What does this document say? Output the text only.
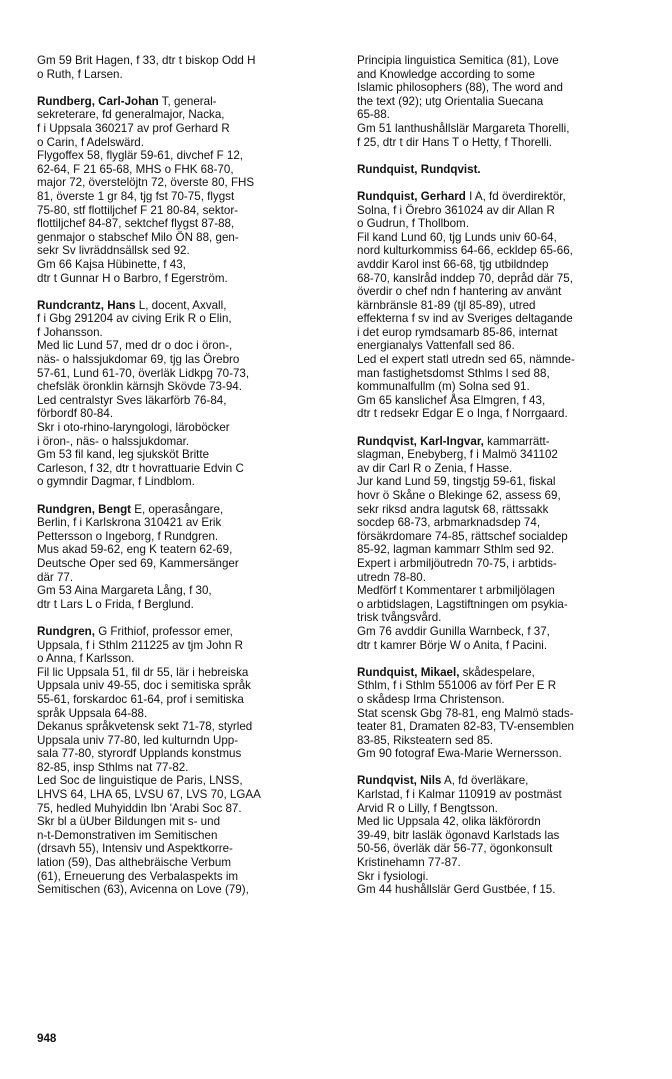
Gm 59 Brit Hagen, f 33, dtr t biskop Odd H
o Ruth, f Larsen.
Rundberg, Carl-Johan T, general-
sekreterare, fd generalmajor, Nacka,
f i Uppsala 360217 av prof Gerhard R
o Carin, f Adelswärd.
Flygoffex 58, flyglär 59-61, divchef F 12,
62-64, F 21 65-68, MHS o FHK 68-70,
major 72, överstelöjtn 72, överste 80, FHS
81, överste 1 gr 84, tjg fst 70-75, flygst
75-80, stf flottiljchef F 21 80-84, sektor-
flottiljchef 84-87, sektchef flygst 87-88,
genmajor o stabschef Milo ÖN 88, gen-
sekr Sv livräddnsällsk sed 92.
Gm 66 Kajsa Hübinette, f 43,
dtr t Gunnar H o Barbro, f Egerström.
Rundcrantz, Hans L, docent, Axvall,
f i Gbg 291204 av civing Erik R o Elin,
f Johansson.
Med lic Lund 57, med dr o doc i öron-,
näs- o halssjukdomar 69, tjg las Örebro
57-61, Lund 61-70, överläk Lidkpg 70-73,
chefsläk öronklin kärnsjh Skövde 73-94.
Led centralstyr Sves läkarförb 76-84,
förbordf 80-84.
Skr i oto-rhino-laryngologi, läroböcker
i öron-, näs- o halssjukdomar.
Gm 53 fil kand, leg sjuksköt Britte
Carleson, f 32, dtr t hovrattuarie Edvin C
o gymndir Dagmar, f Lindblom.
Rundgren, Bengt E, operasångare,
Berlin, f i Karlskrona 310421 av Erik
Pettersson o Ingeborg, f Rundgren.
Mus akad 59-62, eng K teatern 62-69,
Deutsche Oper sed 69, Kammersänger
där 77.
Gm 53 Aina Margareta Lång, f 30,
dtr t Lars L o Frida, f Berglund.
Rundgren, G Frithiof, professor emer,
Uppsala, f i Sthlm 211225 av tjm John R
o Anna, f Karlsson.
Fil lic Uppsala 51, fil dr 55, lär i hebreiska
Uppsala univ 49-55, doc i semitiska språk
55-61, forskardoc 61-64, prof i semitiska
språk Uppsala 64-88.
Dekanus språkvetensk sekt 71-78, styrled
Uppsala univ 77-80, led kulturndn Upp-
sala 77-80, styrordf Upplands konstmus
82-85, insp Sthlms nat 77-82.
Led Soc de linguistique de Paris, LNSS,
LHVS 64, LHA 65, LVSU 67, LVS 70, LGAA
75, hedled Muhyiddin Ibn 'Arabi Soc 87.
Skr bl a üUber Bildungen mit s- und
n-t-Demonstrativen im Semitischen
(drsavh 55), Intensiv und Aspektkorre-
lation (59), Das althebräische Verbum
(61), Erneuerung des Verbalaspekts im
Semitischen (63), Avicenna on Love (79),
Principia linguistica Semitica (81), Love
and Knowledge according to some
Islamic philosophers (88), The word and
the text (92); utg Orientalia Suecana
65-88.
Gm 51 lanthushållslär Margareta Thorelli,
f 25, dtr t dir Hans T o Hetty, f Thorelli.
Rundquist, Rundqvist.
Rundquist, Gerhard I A, fd överdirektör,
Solna, f i Örebro 361024 av dir Allan R
o Gudrun, f Thollbom.
Fil kand Lund 60, tjg Lunds univ 60-64,
nord kulturkommiss 64-66, eckldep 65-66,
avddir Karol inst 66-68, tjg utbildndep
68-70, kanslråd inddep 70, depråd där 75,
överdir o chef ndn f hantering av använt
kärnbränsle 81-89 (tjl 85-89), utred
effekterna f sv ind av Sveriges deltagande
i det europ rymdsamarb 85-86, internat
energianalys Vattenfall sed 86.
Led el expert statl utredn sed 65, nämnde-
man fastighetsdomst Sthlms l sed 88,
kommunalfullm (m) Solna sed 91.
Gm 65 kanslichef Åsa Elmgren, f 43,
dtr t redsekr Edgar E o Inga, f Norrgaard.
Rundqvist, Karl-Ingvar, kammarrätt-
slagman, Enebyberg, f i Malmö 341102
av dir Carl R o Zenia, f Hasse.
Jur kand Lund 59, tingstjg 59-61, fiskal
hovr ö Skåne o Blekinge 62, assess 69,
sekr riksd andra lagutsk 68, rättssakk
socdep 68-73, arbmarknadsdep 74,
försäkrdomare 74-85, rättschef socialdep
85-92, lagman kammarr Sthlm sed 92.
Expert i arbmiljöutredn 70-75, i arbtids-
utredn 78-80.
Medförf t Kommentarer t arbmiljölagen
o arbtidslagen, Lagstiftningen om psykia-
trisk tvångsvård.
Gm 76 avddir Gunilla Warnbeck, f 37,
dtr t kamrer Börje W o Anita, f Pacini.
Rundquist, Mikael, skådespelare,
Sthlm, f i Sthlm 551006 av förf Per E R
o skådesp Irma Christenson.
Stat scensk Gbg 78-81, eng Malmö stads-
teater 81, Dramaten 82-83, TV-ensemblen
83-85, Riksteatern sed 85.
Gm 90 fotograf Ewa-Marie Wernersson.
Rundqvist, Nils A, fd överläkare,
Karlstad, f i Kalmar 110919 av postmäst
Arvid R o Lilly, f Bengtsson.
Med lic Uppsala 42, olika läkförordn
39-49, bitr lasläk ögonavd Karlstads las
50-56, överläk där 56-77, ögonkonsult
Kristinehamn 77-87.
Skr i fysiologi.
Gm 44 hushållslär Gerd Gustbée, f 15.
948
